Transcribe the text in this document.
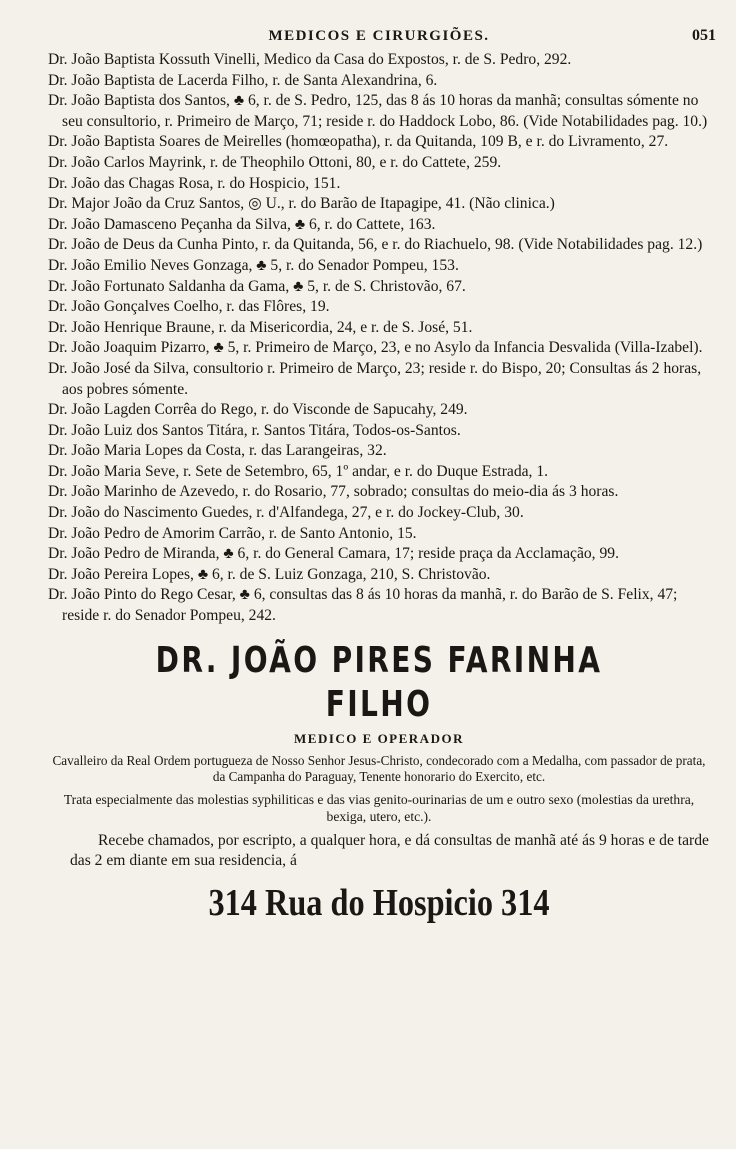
MEDICOS E CIRURGIÕES.	051

Dr. João Baptista Kossuth Vinelli, Medico da Casa do Expostos, r. de S. Pedro, 292.

Dr. João Baptista de Lacerda Filho, r. de Santa Alexandrina, 6.

Dr. João Baptista dos Santos, ♣ 6, r. de S. Pedro, 125, das 8 ás 10 horas da manhã; consultas sómente no seu consultorio, r. Primeiro de Março, 71; reside r. do Haddock Lobo, 86. (Vide Notabilidades pag. 10.)

Dr. João Baptista Soares de Meirelles (homœopatha), r. da Quitanda, 109 B, e r. do Livramento, 27.

Dr. João Carlos Mayrink, r. de Theophilo Ottoni, 80, e r. do Cattete, 259.

Dr. João das Chagas Rosa, r. do Hospicio, 151.

Dr. Major João da Cruz Santos, ◎ U., r. do Barão de Itapagipe, 41. (Não clinica.)

Dr. João Damasceno Peçanha da Silva, ♣ 6, r. do Cattete, 163.

Dr. João de Deus da Cunha Pinto, r. da Quitanda, 56, e r. do Riachuelo, 98. (Vide Notabilidades pag. 12.)

Dr. João Emilio Neves Gonzaga, ♣ 5, r. do Senador Pompeu, 153.

Dr. João Fortunato Saldanha da Gama, ♣ 5, r. de S. Christovão, 67.

Dr. João Gonçalves Coelho, r. das Flôres, 19.

Dr. João Henrique Braune, r. da Misericordia, 24, e r. de S. José, 51.

Dr. João Joaquim Pizarro, ♣ 5, r. Primeiro de Março, 23, e no Asylo da Infancia Desvalida (Villa-Izabel).

Dr. João José da Silva, consultorio r. Primeiro de Março, 23; reside r. do Bispo, 20; Consultas ás 2 horas, aos pobres sómente.

Dr. João Lagden Corrêa do Rego, r. do Visconde de Sapucahy, 249.

Dr. João Luiz dos Santos Titára, r. Santos Titára, Todos-os-Santos.

Dr. João Maria Lopes da Costa, r. das Larangeiras, 32.

Dr. João Maria Seve, r. Sete de Setembro, 65, 1º andar, e r. do Duque Estrada, 1.

Dr. João Marinho de Azevedo, r. do Rosario, 77, sobrado; consultas do meio-dia ás 3 horas.

Dr. João do Nascimento Guedes, r. d'Alfandega, 27, e r. do Jockey-Club, 30.

Dr. João Pedro de Amorim Carrão, r. de Santo Antonio, 15.

Dr. João Pedro de Miranda, ♣ 6, r. do General Camara, 17; reside praça da Acclamação, 99.

Dr. João Pereira Lopes, ♣ 6, r. de S. Luiz Gonzaga, 210, S. Christovão.

Dr. João Pinto do Rego Cesar, ♣ 6, consultas das 8 ás 10 horas da manhã, r. do Barão de S. Felix, 47; reside r. do Senador Pompeu, 242.

DR. JOÃO PIRES FARINHA FILHO
MEDICO E OPERADOR
Cavalleiro da Real Ordem portugueza de Nosso Senhor Jesus-Christo, condecorado com a Medalha, com passador de prata, da Campanha do Paraguay, Tenente honorario do Exercito, etc.
Trata especialmente das molestias syphiliticas e das vias genito-ourinarias de um e outro sexo (molestias da urethra, bexiga, utero, etc.).
Recebe chamados, por escripto, a qualquer hora, e dá consultas de manhã até ás 9 horas e de tarde das 2 em diante em sua residencia, á
314 Rua do Hospicio 314
